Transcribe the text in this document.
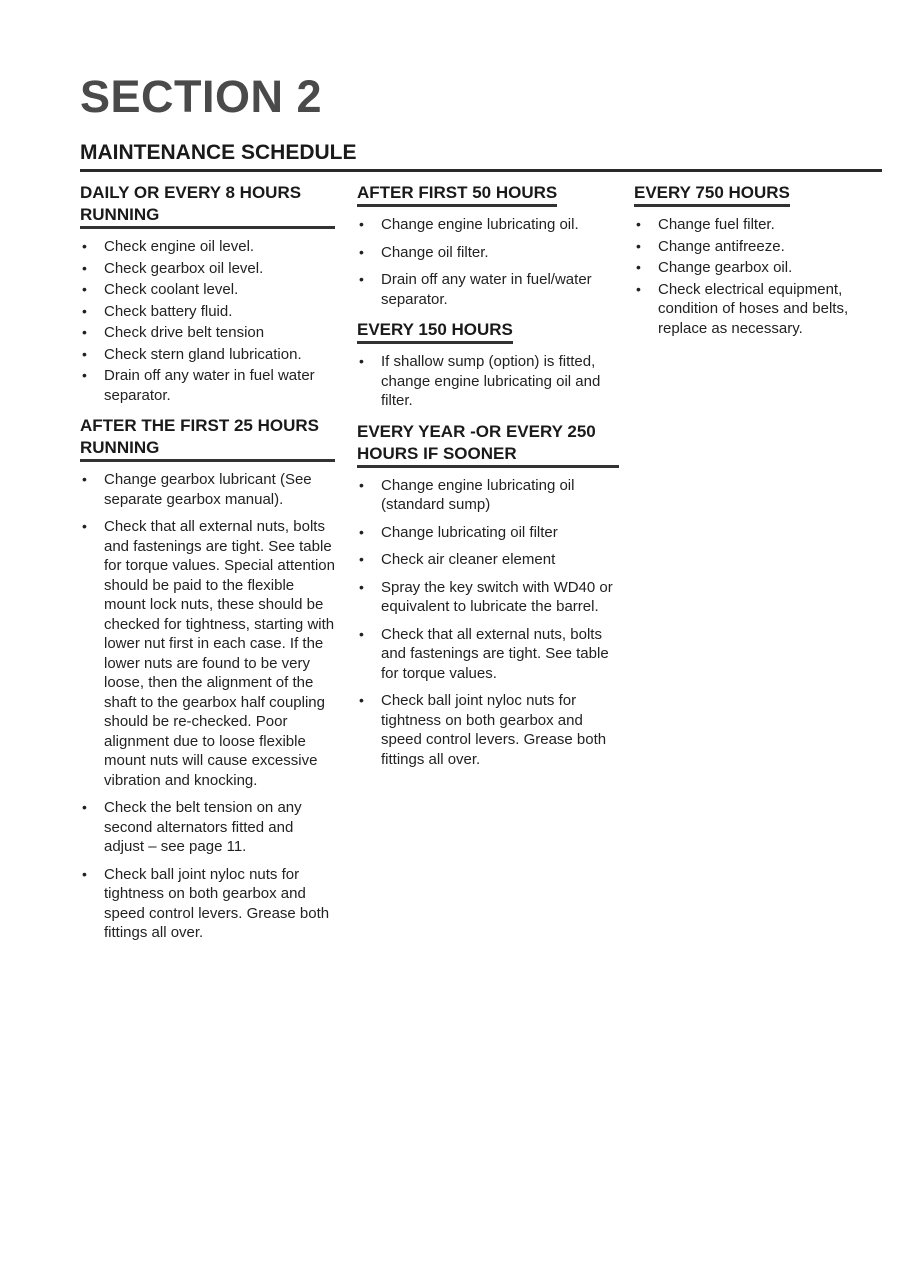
SECTION 2
MAINTENANCE SCHEDULE
DAILY OR EVERY 8 HOURS RUNNING
• Check engine oil level.
• Check gearbox oil level.
• Check coolant level.
• Check battery fluid.
• Check drive belt tension
• Check stern gland lubrication.
• Drain off any water in fuel water separator.
AFTER THE FIRST 25 HOURS RUNNING
• Change gearbox lubricant (See separate gearbox manual).
• Check that all external nuts, bolts and fastenings are tight. See table for torque values. Special attention should be paid to the flexible mount lock nuts, these should be checked for tightness, starting with lower nut first in each case. If the lower nuts are found to be very loose, then the alignment of the shaft to the gearbox half coupling should be re-checked. Poor alignment due to loose flexible mount nuts will cause excessive vibration and knocking.
• Check the belt tension on any second alternators fitted and adjust – see page 11.
• Check ball joint nyloc nuts for tightness on both gearbox and speed control levers. Grease both fittings all over.
AFTER FIRST 50 HOURS
• Change engine lubricating oil.
• Change oil filter.
• Drain off any water in fuel/water separator.
EVERY 150 HOURS
• If shallow sump (option) is fitted, change engine lubricating oil and filter.
EVERY YEAR -OR EVERY 250 HOURS IF SOONER
• Change engine lubricating oil (standard sump)
• Change lubricating oil filter
• Check air cleaner element
• Spray the key switch with WD40 or equivalent to lubricate the barrel.
• Check that all external nuts, bolts and fastenings are tight. See table for torque values.
• Check ball joint nyloc nuts for tightness on both gearbox and speed control levers. Grease both fittings all over.
EVERY 750 HOURS
• Change fuel filter.
• Change antifreeze.
• Change gearbox oil.
• Check electrical equipment, condition of hoses and belts, replace as necessary.
